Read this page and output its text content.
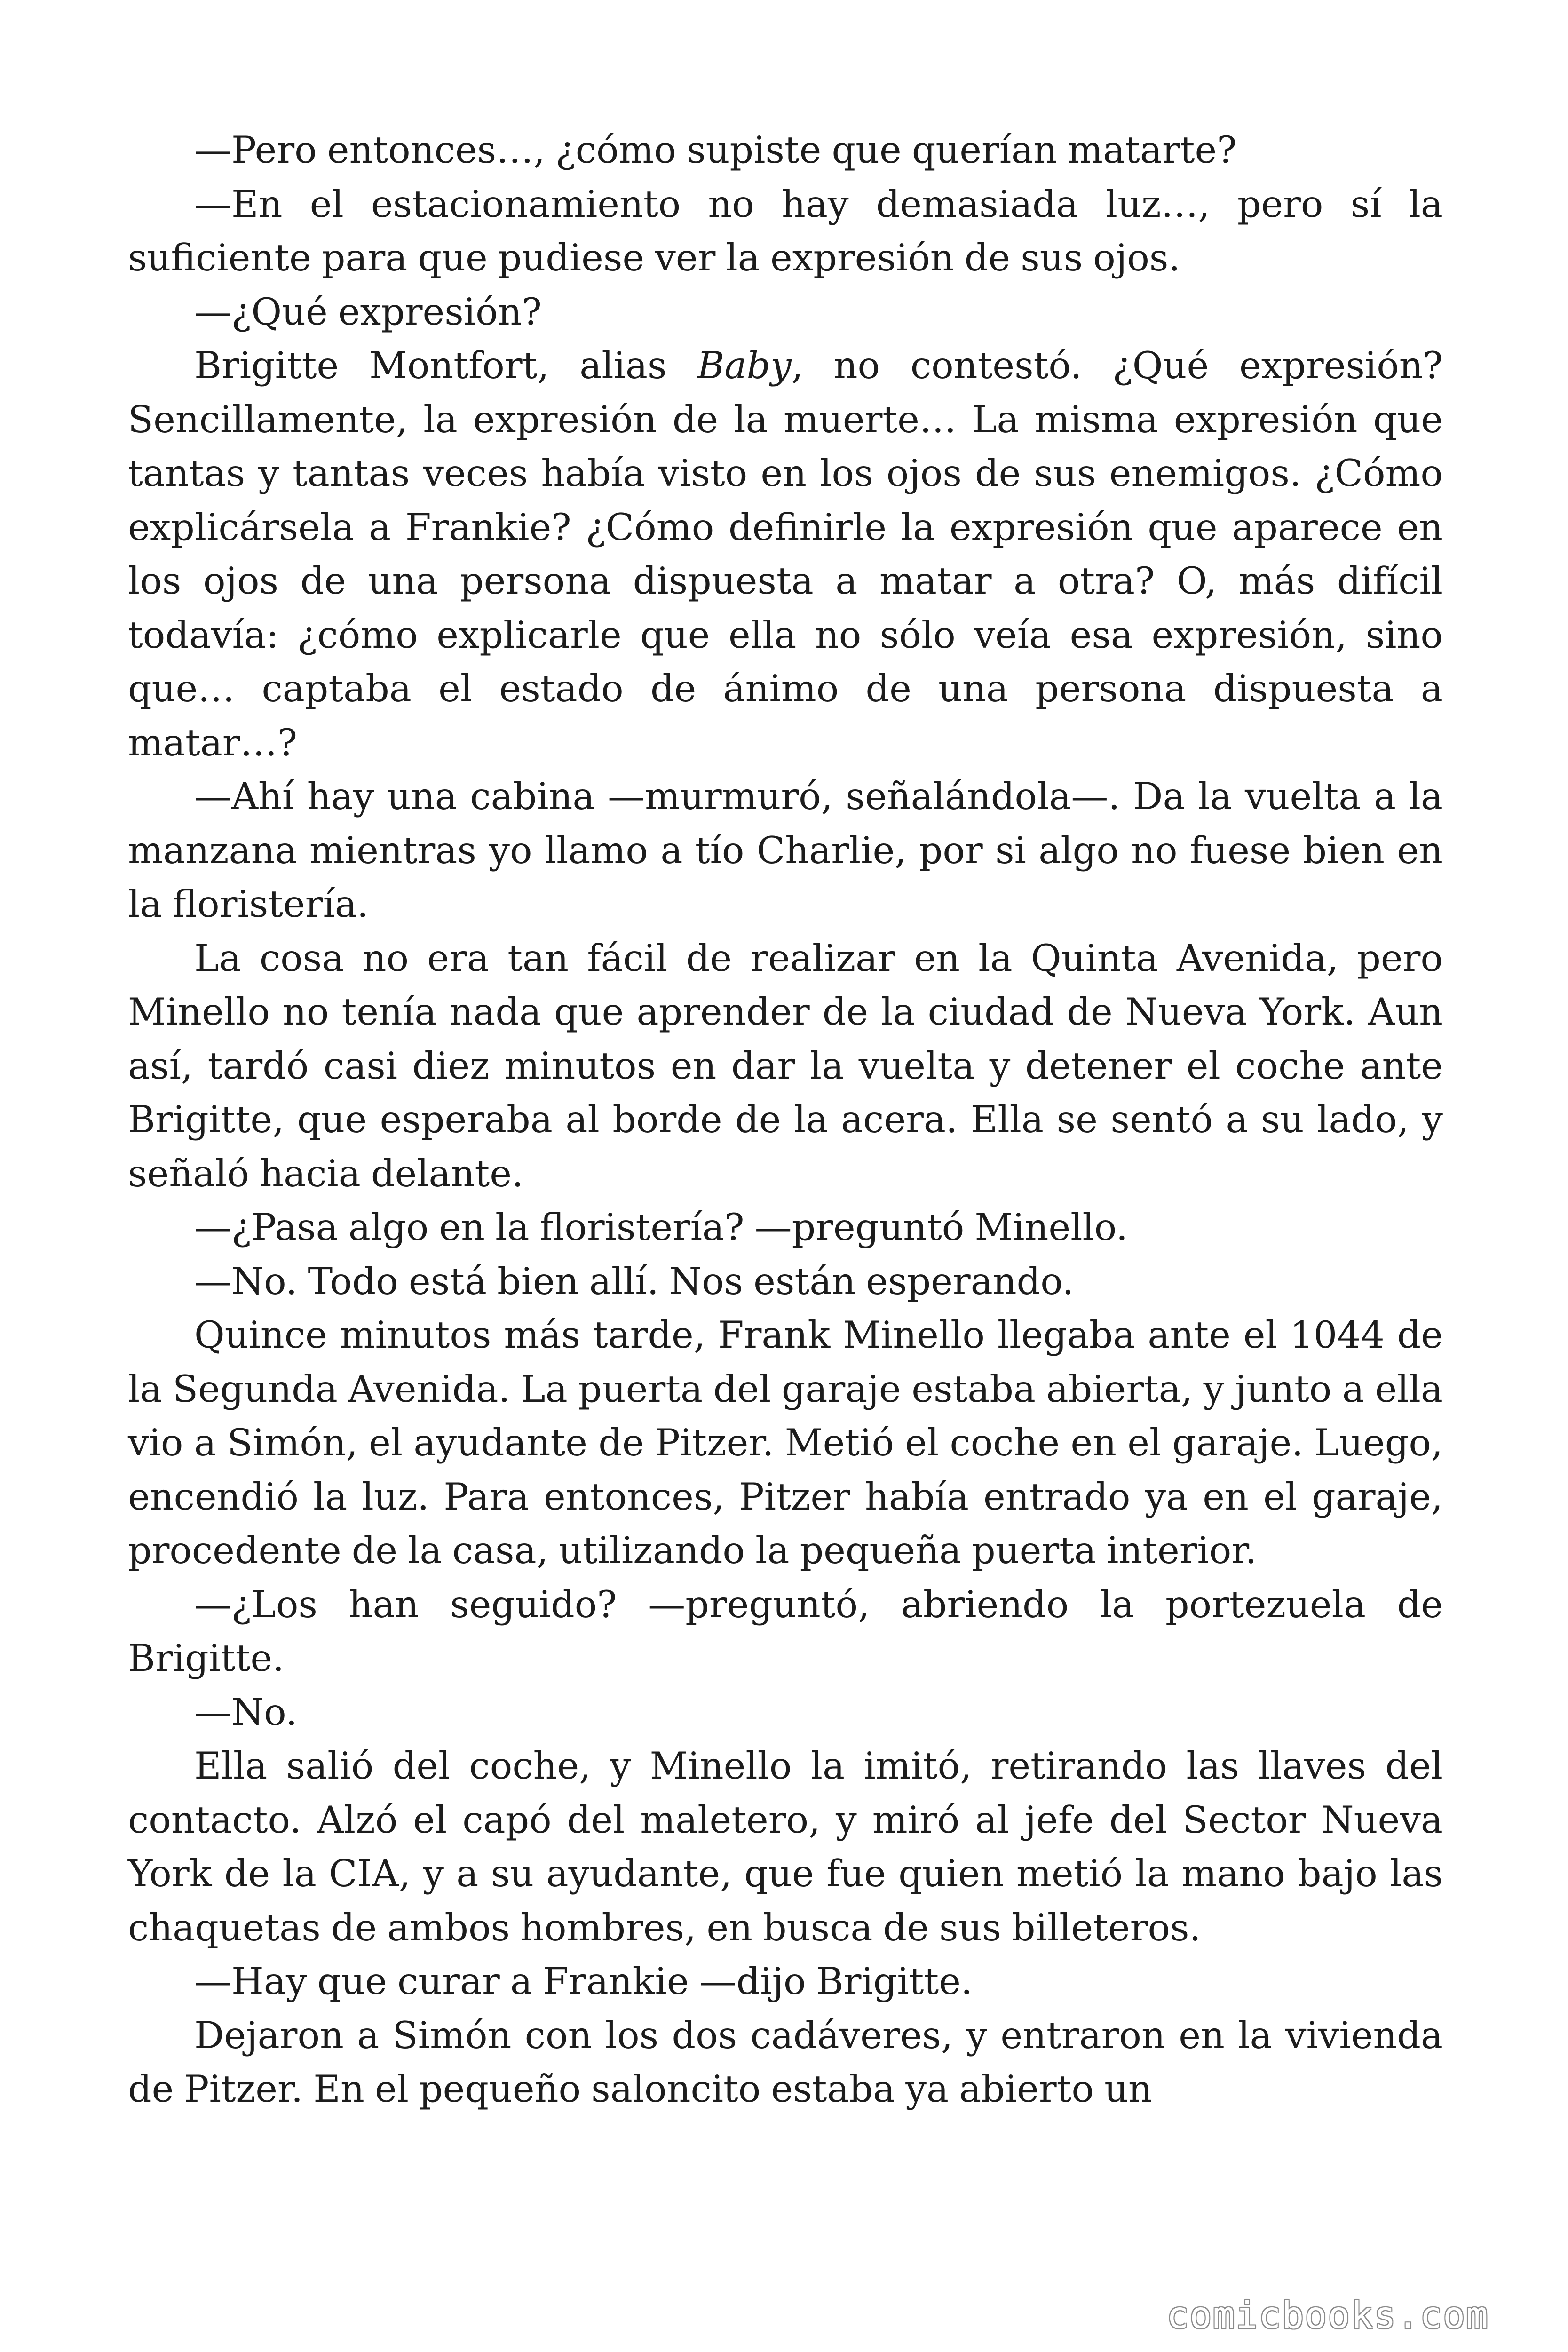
—Pero entonces…, ¿cómo supiste que querían matarte?

—En el estacionamiento no hay demasiada luz…, pero sí la suficiente para que pudiese ver la expresión de sus ojos.

—¿Qué expresión?

Brigitte Montfort, alias Baby, no contestó. ¿Qué expresión? Sencillamente, la expresión de la muerte… La misma expresión que tantas y tantas veces había visto en los ojos de sus enemigos. ¿Cómo explicársela a Frankie? ¿Cómo definirle la expresión que aparece en los ojos de una persona dispuesta a matar a otra? O, más difícil todavía: ¿cómo explicarle que ella no sólo veía esa expresión, sino que… captaba el estado de ánimo de una persona dispuesta a matar…?

—Ahí hay una cabina —murmuró, señalándola—. Da la vuelta a la manzana mientras yo llamo a tío Charlie, por si algo no fuese bien en la floristería.

La cosa no era tan fácil de realizar en la Quinta Avenida, pero Minello no tenía nada que aprender de la ciudad de Nueva York. Aun así, tardó casi diez minutos en dar la vuelta y detener el coche ante Brigitte, que esperaba al borde de la acera. Ella se sentó a su lado, y señaló hacia delante.

—¿Pasa algo en la floristería? —preguntó Minello.

—No. Todo está bien allí. Nos están esperando.

Quince minutos más tarde, Frank Minello llegaba ante el 1044 de la Segunda Avenida. La puerta del garaje estaba abierta, y junto a ella vio a Simón, el ayudante de Pitzer. Metió el coche en el garaje. Luego, encendió la luz. Para entonces, Pitzer había entrado ya en el garaje, procedente de la casa, utilizando la pequeña puerta interior.

—¿Los han seguido? —preguntó, abriendo la portezuela de Brigitte.

—No.

Ella salió del coche, y Minello la imitó, retirando las llaves del contacto. Alzó el capó del maletero, y miró al jefe del Sector Nueva York de la CIA, y a su ayudante, que fue quien metió la mano bajo las chaquetas de ambos hombres, en busca de sus billeteros.

—Hay que curar a Frankie —dijo Brigitte.

Dejaron a Simón con los dos cadáveres, y entraron en la vivienda de Pitzer. En el pequeño saloncito estaba ya abierto un

comicbooks.com
